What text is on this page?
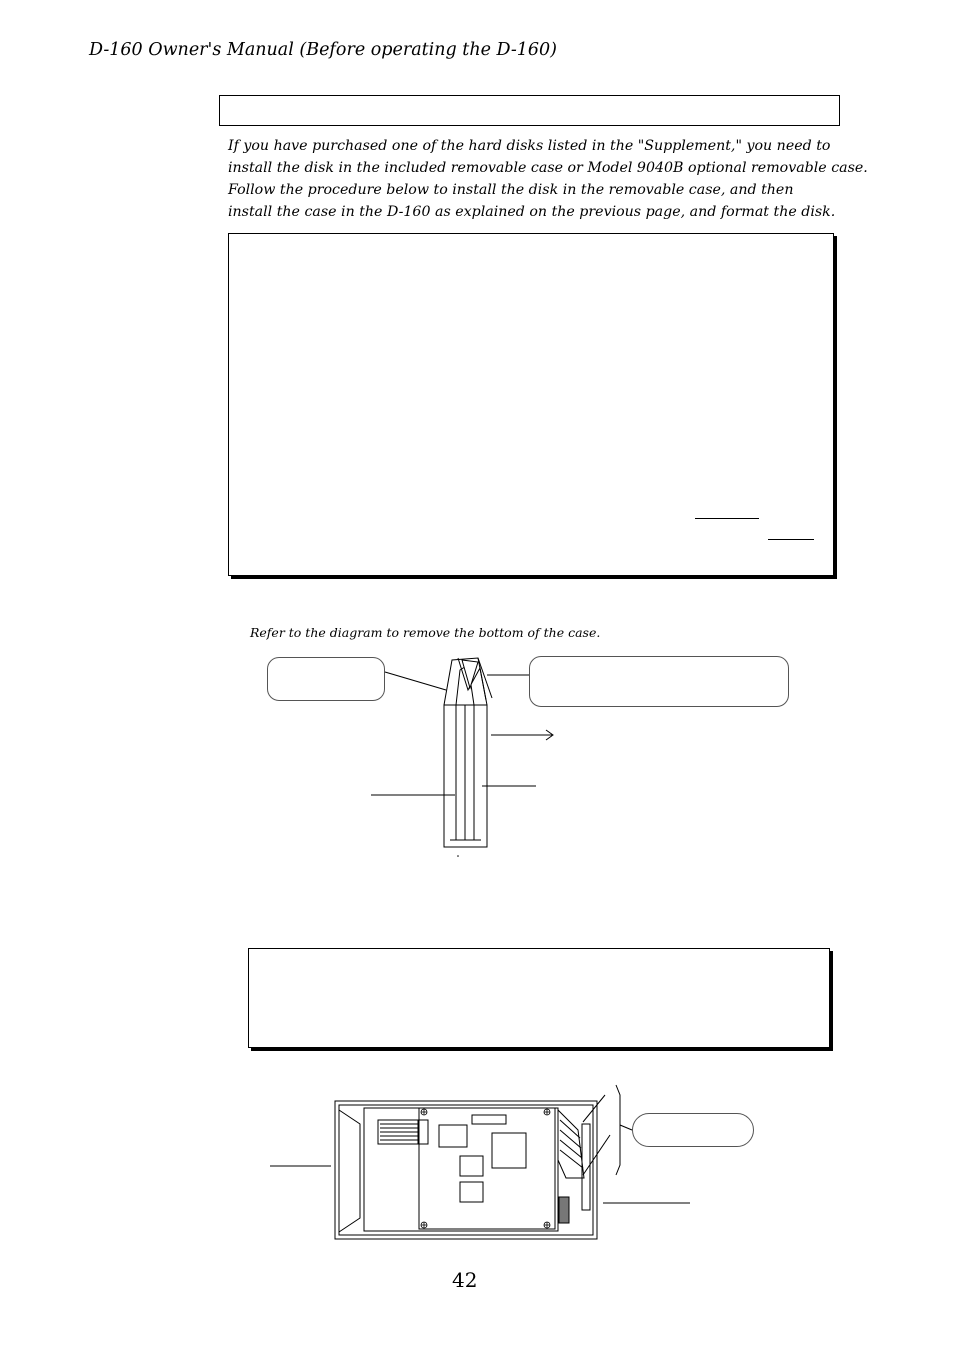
D-160 Owner's Manual (Before operating the D-160)
If you have purchased one of the hard disks listed in the "Supplement," you need to
install the disk in the included removable case or Model 9040B optional removable case.
Follow the procedure below to install the disk in the removable case, and then
install the case in the D-160 as explained on the previous page, and format the disk.
Refer to the diagram to remove the bottom of the case.
42
